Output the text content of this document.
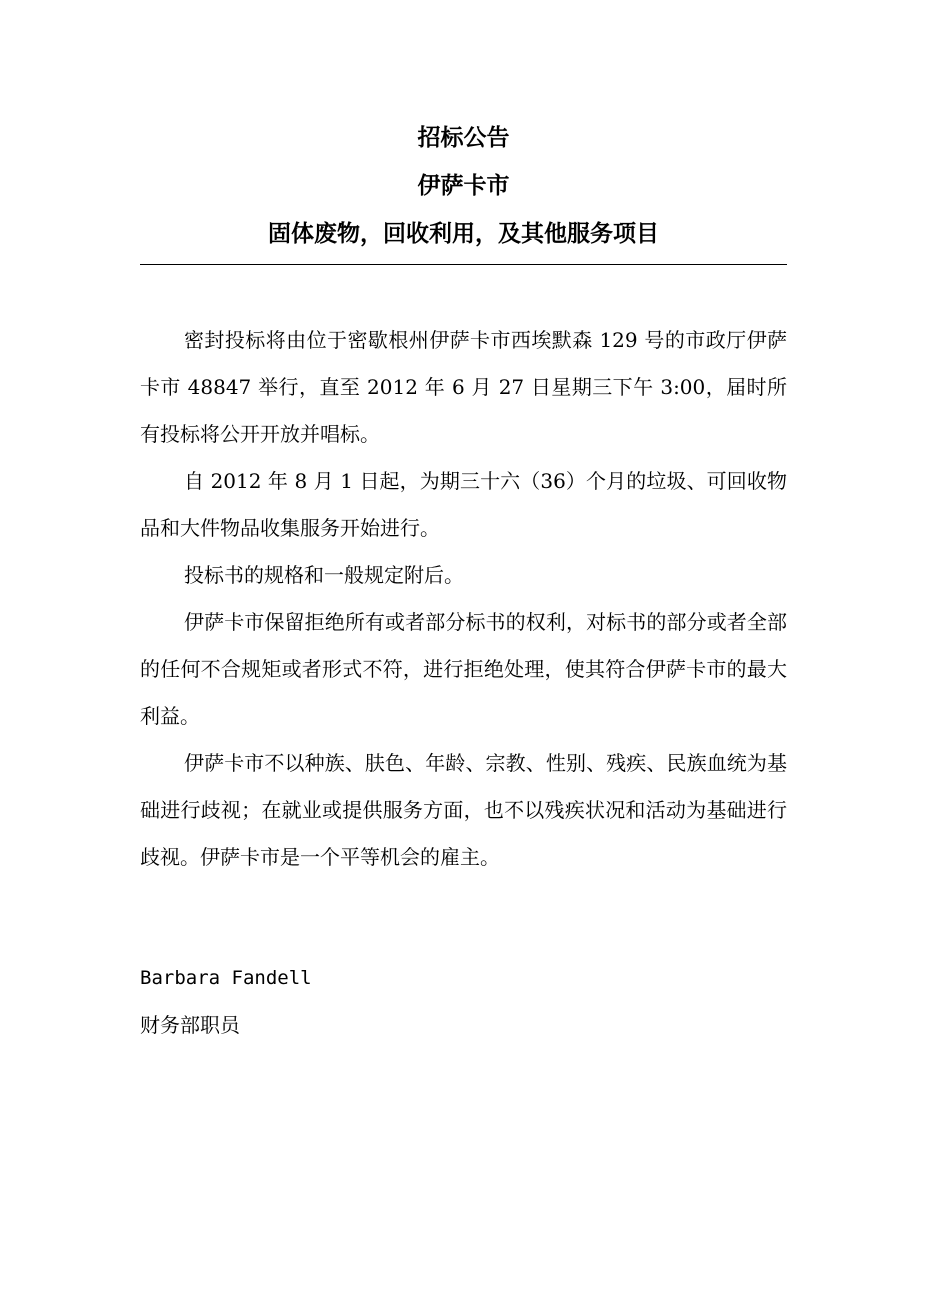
招标公告
伊萨卡市
固体废物，回收利用，及其他服务项目

密封投标将由位于密歇根州伊萨卡市西埃默森 129 号的市政厅伊萨卡市 48847 举行，直至 2012 年 6 月 27 日星期三下午 3:00，届时所有投标将公开开放并唱标。

自 2012 年 8 月 1 日起，为期三十六（36）个月的垃圾、可回收物品和大件物品收集服务开始进行。

投标书的规格和一般规定附后。

伊萨卡市保留拒绝所有或者部分标书的权利，对标书的部分或者全部的任何不合规矩或者形式不符，进行拒绝处理，使其符合伊萨卡市的最大利益。

伊萨卡市不以种族、肤色、年龄、宗教、性别、残疾、民族血统为基础进行歧视；在就业或提供服务方面，也不以残疾状况和活动为基础进行歧视。伊萨卡市是一个平等机会的雇主。

Barbara Fandell
财务部职员
